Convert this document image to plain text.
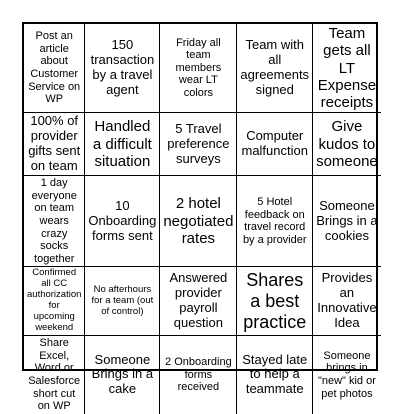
Post an article about Customer Service on WP
150 transaction by a travel agent
Friday all team members wear LT colors
Team with all agreements signed
Team gets all LT Expense receipts
100% of provider gifts sent on team
Handled a difficult situation
5 Travel preference surveys
Computer malfunction
Give kudos to someone
1 day everyone on team wears crazy socks together
10 Onboarding forms sent
2 hotel negotiated rates
5 Hotel feedback on travel record by a provider
Someone Brings in a cookies
Confirmed all CC authorization for upcoming weekend
No afterhours for a team (out of control)
Answered provider payroll question
Shares a best practice
Provides an Innovative Idea
Share Excel, Word or Salesforce short cut on WP
Someone Brings in a cake
2 Onboarding forms received
Stayed late to help a teammate
Someone brings in "new" kid or pet photos
